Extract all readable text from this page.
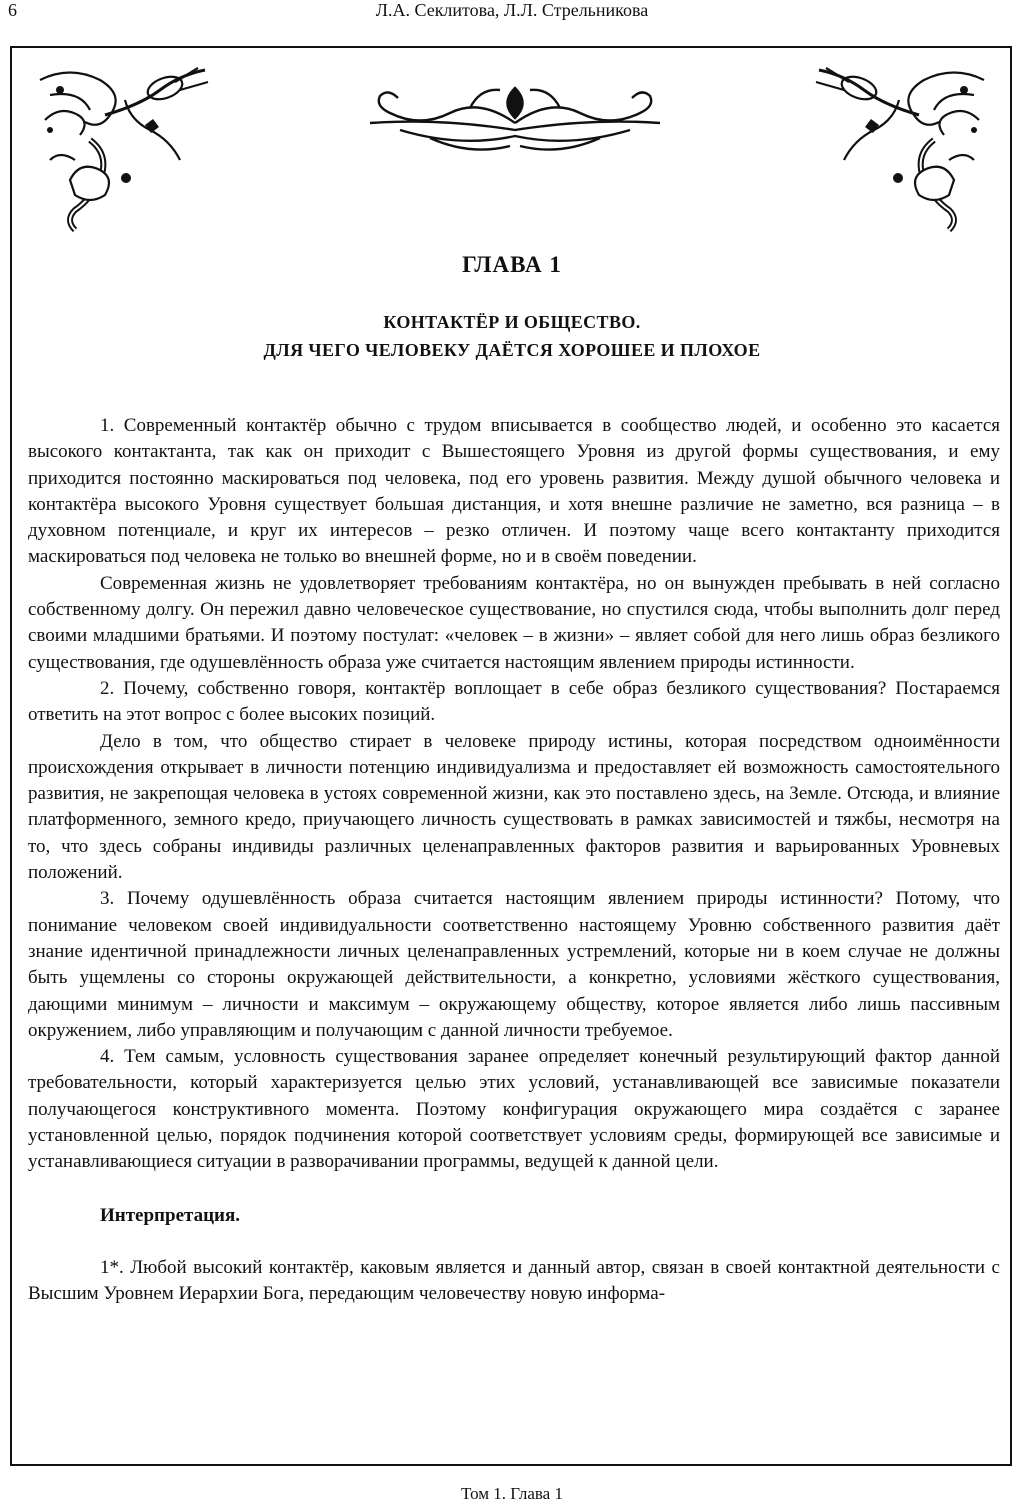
6	Л.А. Секлитова, Л.Л. Стрельникова
ГЛАВА 1
КОНТАКТЁР И ОБЩЕСТВО.
ДЛЯ ЧЕГО ЧЕЛОВЕКУ ДАЁТСЯ ХОРОШЕЕ И ПЛОХОЕ

1. Современный контактёр обычно с трудом вписывается в сообщество людей, и особенно это касается высокого контактанта, так как он приходит с Вышестоящего Уровня из другой формы существования, и ему приходится постоянно маскироваться под человека, под его уровень развития. Между душой обычного человека и контактёра высокого Уровня существует большая дистанция, и хотя внешне различие не заметно, вся разница – в духовном потенциале, и круг их интересов – резко отличен. И поэтому чаще всего контактанту приходится маскироваться под человека не только во внешней форме, но и в своём поведении.

Современная жизнь не удовлетворяет требованиям контактёра, но он вынужден пребывать в ней согласно собственному долгу. Он пережил давно человеческое существование, но спустился сюда, чтобы выполнить долг перед своими младшими братьями. И поэтому постулат: «человек – в жизни» – являет собой для него лишь образ безликого существования, где одушевлённость образа уже считается настоящим явлением природы истинности.

2. Почему, собственно говоря, контактёр воплощает в себе образ безликого существования? Постараемся ответить на этот вопрос с более высоких позиций.

Дело в том, что общество стирает в человеке природу истины, которая посредством одноимённости происхождения открывает в личности потенцию индивидуализма и предоставляет ей возможность самостоятельного развития, не закрепощая человека в устоях современной жизни, как это поставлено здесь, на Земле. Отсюда, и влияние платформенного, земного кредо, приучающего личность существовать в рамках зависимостей и тяжбы, несмотря на то, что здесь собраны индивиды различных целенаправленных факторов развития и варьированных Уровневых положений.

3. Почему одушевлённость образа считается настоящим явлением природы истинности? Потому, что понимание человеком своей индивидуальности соответственно настоящему Уровню собственного развития даёт знание идентичной принадлежности личных целенаправленных устремлений, которые ни в коем случае не должны быть ущемлены со стороны окружающей действительности, а конкретно, условиями жёсткого существования, дающими минимум – личности и максимум – окружающему обществу, которое является либо лишь пассивным окружением, либо управляющим и получающим с данной личности требуемое.

4. Тем самым, условность существования заранее определяет конечный результирующий фактор данной требовательности, который характеризуется целью этих условий, устанавливающей все зависимые показатели получающегося конструктивного момента. Поэтому конфигурация окружающего мира создаётся с заранее установленной целью, порядок подчинения которой соответствует условиям среды, формирующей все зависимые и устанавливающиеся ситуации в разворачивании программы, ведущей к данной цели.

Интерпретация.

1*. Любой высокий контактёр, каковым является и данный автор, связан в своей контактной деятельности с Высшим Уровнем Иерархии Бога, передающим человечеству новую информа-

Том 1. Глава 1
